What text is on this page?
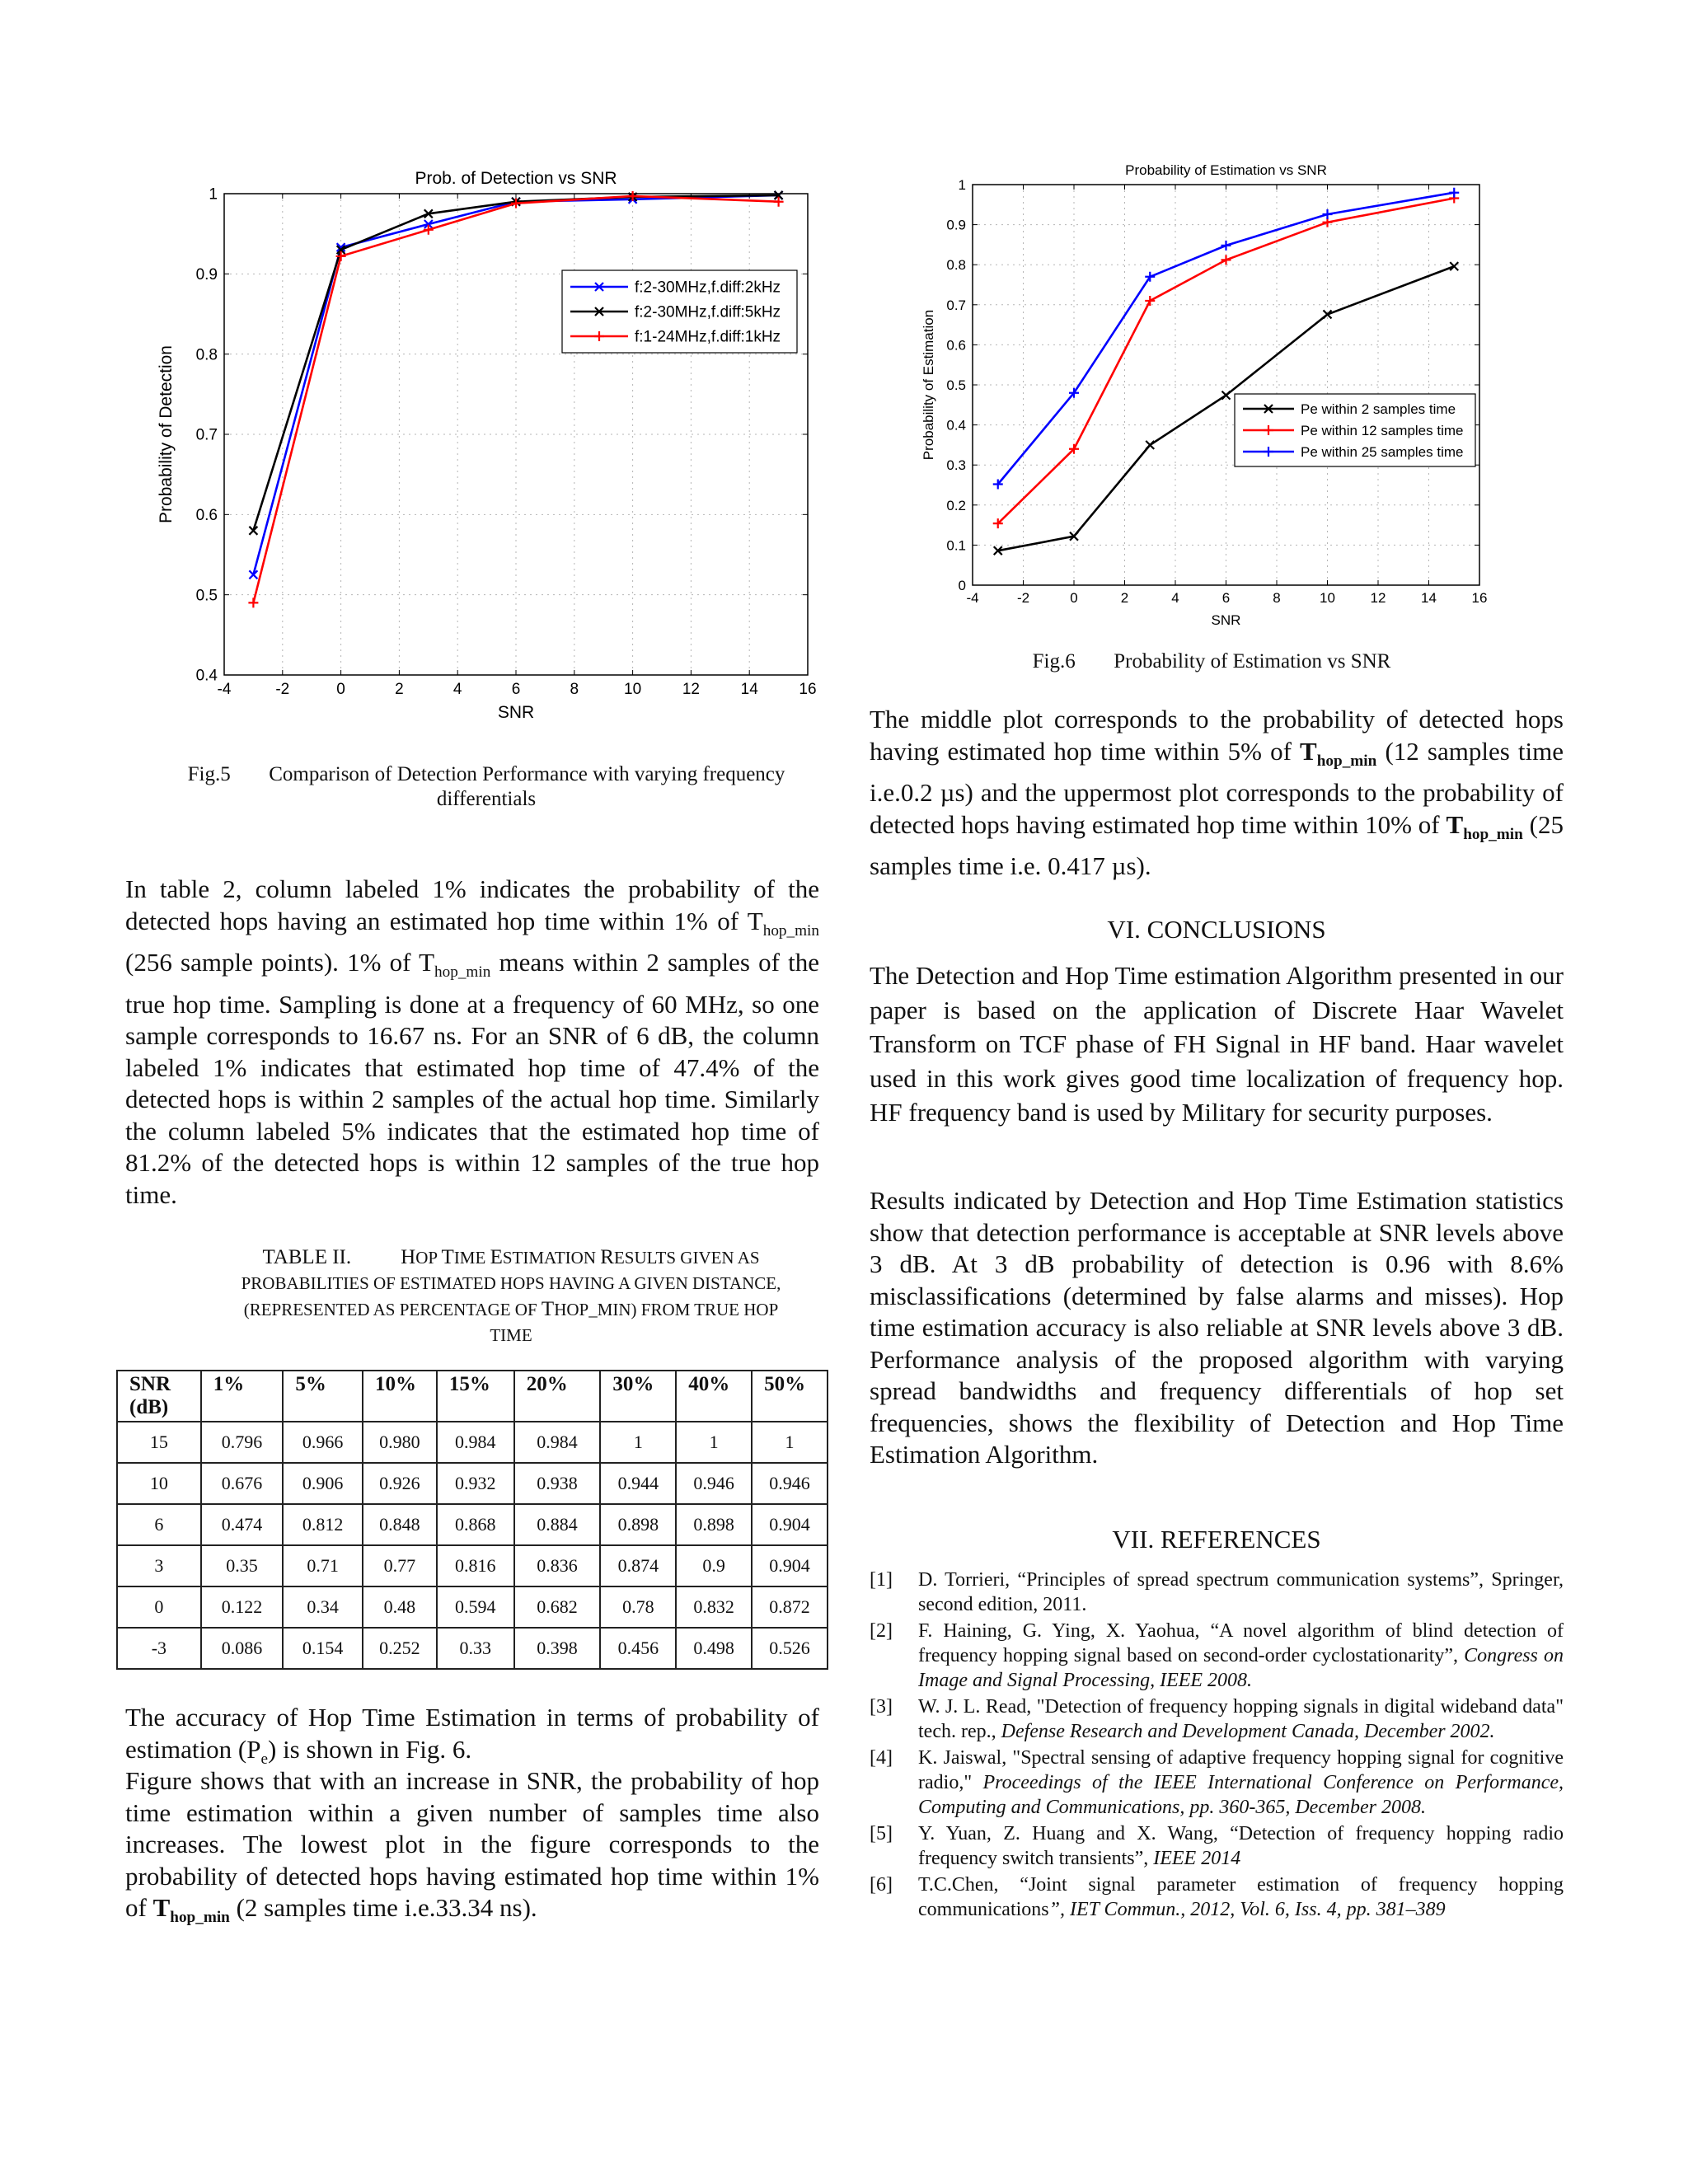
-4	-2	0	2	4	6	8	10	12	14	16
0.4
0.5
0.6
0.7
0.8
0.9
1
Prob. of Detection vs SNR
SNR
Probability of Detection
f:2-30MHz,f.diff:2kHz
f:2-30MHz,f.diff:5kHz
f:1-24MHz,f.diff:1kHz
Fig.5 Comparison of Detection Performance with varying frequency differentials
-4	-2	0	2	4	6	8	10	12	14	16
0
0.1
0.2
0.3
0.4
0.5
0.6
0.7
0.8
0.9
1
Probability of Estimation vs SNR
SNR
Probability of Estimation	Pe within 2 samples time
Pe within 12 samples time
Pe within 25 samples time
Fig.6 Probability of Estimation vs SNR

In table 2, column labeled 1% indicates the probability of the detected hops having an estimated hop time within 1% of $T_{hop\_min}$ (256 sample points). 1% of $T_{hop\_min}$ means within 2 samples of the true hop time. Sampling is done at a frequency of 60 MHz, so one sample corresponds to 16.67 ns. For an SNR of 6 dB, the column labeled 1% indicates that estimated hop time of 47.4% of the detected hops is within 2 samples of the actual hop time. Similarly the column labeled 5% indicates that the estimated hop time of 81.2% of the detected hops is within 12 samples of the true hop time.

TABLE II. HOP TIME ESTIMATION RESULTS GIVEN AS
PROBABILITIES OF ESTIMATED HOPS HAVING A GIVEN DISTANCE,
(REPRESENTED AS PERCENTAGE OF THOP_MIN) FROM TRUE HOP
TIME
SNR (dB)	1%	5%	10%	15%	20%	30%	40%	50%
15	0.796	0.966	0.980	0.984	0.984	1	1	1
10	0.676	0.906	0.926	0.932	0.938	0.944	0.946	0.946
6	0.474	0.812	0.848	0.868	0.884	0.898	0.898	0.904
3	0.35	0.71	0.77	0.816	0.836	0.874	0.9	0.904
0	0.122	0.34	0.48	0.594	0.682	0.78	0.832	0.872
-3	0.086	0.154	0.252	0.33	0.398	0.456	0.498	0.526

The accuracy of Hop Time Estimation in terms of probability of estimation $(P_e)$ is shown in Fig. 6.

Figure shows that with an increase in SNR, the probability of hop time estimation within a given number of samples time also increases. The lowest plot in the figure corresponds to the probability of detected hops having estimated hop time within 1% of $T_{hop\_min}$ (2 samples time i.e.33.34 ns).

The middle plot corresponds to the probability of detected hops having estimated hop time within 5% of $T_{hop\_min}$ (12 samples time i.e.0.2 µs) and the uppermost plot corresponds to the probability of detected hops having estimated hop time within 10% of $T_{hop\_min}$ (25 samples time i.e. 0.417 µs).

VI. CONCLUSIONS

The Detection and Hop Time estimation Algorithm presented in our paper is based on the application of Discrete Haar Wavelet Transform on TCF phase of FH Signal in HF band. Haar wavelet used in this work gives good time localization of frequency hop. HF frequency band is used by Military for security purposes.

Results indicated by Detection and Hop Time Estimation statistics show that detection performance is acceptable at SNR levels above 3 dB. At 3 dB probability of detection is 0.96 with 8.6% misclassifications (determined by false alarms and misses). Hop time estimation accuracy is also reliable at SNR levels above 3 dB. Performance analysis of the proposed algorithm with varying spread bandwidths and frequency differentials of hop set frequencies, shows the flexibility of Detection and Hop Time Estimation Algorithm.

VII. REFERENCES
[1]	D. Torrieri, “Principles of spread spectrum communication systems”, Springer, second edition, 2011.
[2]	F. Haining, G. Ying, X. Yaohua, “A novel algorithm of blind detection of frequency hopping signal based on second-order cyclostationarity”, Congress on Image and Signal Processing, IEEE 2008.
[3]	W. J. L. Read, "Detection of frequency hopping signals in digital wideband data" tech. rep., Defense Research and Development Canada, December 2002.
[4]	K. Jaiswal, "Spectral sensing of adaptive frequency hopping signal for cognitive radio," Proceedings of the IEEE International Conference on Performance, Computing and Communications, pp. 360-365, December 2008.
[5]	Y. Yuan, Z. Huang and X. Wang, “Detection of frequency hopping radio frequency switch transients”, IEEE 2014
[6]	T.C.Chen, “Joint signal parameter estimation of frequency hopping communications”, IET Commun., 2012, Vol. 6, Iss. 4, pp. 381–389
